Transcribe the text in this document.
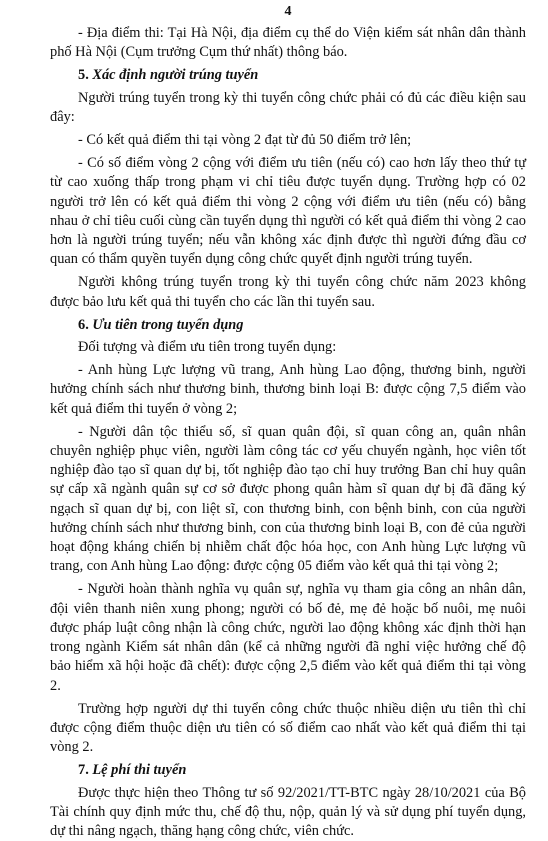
4

- Địa điểm thi: Tại Hà Nội, địa điểm cụ thể do Viện kiểm sát nhân dân thành phố Hà Nội (Cụm trưởng Cụm thứ nhất) thông báo.

5. Xác định người trúng tuyển

Người trúng tuyển trong kỳ thi tuyển công chức phải có đủ các điều kiện sau đây:

- Có kết quả điểm thi tại vòng 2 đạt từ đủ 50 điểm trở lên;

- Có số điểm vòng 2 cộng với điểm ưu tiên (nếu có) cao hơn lấy theo thứ tự từ cao xuống thấp trong phạm vi chỉ tiêu được tuyển dụng. Trường hợp có 02 người trở lên có kết quả điểm thi vòng 2 cộng với điểm ưu tiên (nếu có) bằng nhau ở chỉ tiêu cuối cùng cần tuyển dụng thì người có kết quả điểm thi vòng 2 cao hơn là người trúng tuyển; nếu vẫn không xác định được thì người đứng đầu cơ quan có thẩm quyền tuyển dụng công chức quyết định người trúng tuyển.

Người không trúng tuyển trong kỳ thi tuyển công chức năm 2023 không được bảo lưu kết quả thi tuyển cho các lần thi tuyển sau.

6. Ưu tiên trong tuyển dụng

Đối tượng và điểm ưu tiên trong tuyển dụng:

- Anh hùng Lực lượng vũ trang, Anh hùng Lao động, thương binh, người hưởng chính sách như thương binh, thương binh loại B: được cộng 7,5 điểm vào kết quả điểm thi tuyển ở vòng 2;

- Người dân tộc thiểu số, sĩ quan quân đội, sĩ quan công an, quân nhân chuyên nghiệp phục viên, người làm công tác cơ yếu chuyển ngành, học viên tốt nghiệp đào tạo sĩ quan dự bị, tốt nghiệp đào tạo chỉ huy trưởng Ban chỉ huy quân sự cấp xã ngành quân sự cơ sở được phong quân hàm sĩ quan dự bị đã đăng ký ngạch sĩ quan dự bị, con liệt sĩ, con thương binh, con bệnh binh, con của người hưởng chính sách như thương binh, con của thương binh loại B, con đẻ của người hoạt động kháng chiến bị nhiễm chất độc hóa học, con Anh hùng Lực lượng vũ trang, con Anh hùng Lao động: được cộng 05 điểm vào kết quả thi tại vòng 2;

- Người hoàn thành nghĩa vụ quân sự, nghĩa vụ tham gia công an nhân dân, đội viên thanh niên xung phong; người có bố đẻ, mẹ đẻ hoặc bố nuôi, mẹ nuôi được pháp luật công nhận là công chức, người lao động không xác định thời hạn trong ngành Kiểm sát nhân dân (kể cả những người đã nghỉ việc hưởng chế độ bảo hiểm xã hội hoặc đã chết): được cộng 2,5 điểm vào kết quả điểm thi tại vòng 2.

Trường hợp người dự thi tuyển công chức thuộc nhiều diện ưu tiên thì chỉ được cộng điểm thuộc diện ưu tiên có số điểm cao nhất vào kết quả điểm thi tại vòng 2.

7. Lệ phí thi tuyển

Được thực hiện theo Thông tư số 92/2021/TT-BTC ngày 28/10/2021 của Bộ Tài chính quy định mức thu, chế độ thu, nộp, quản lý và sử dụng phí tuyển dụng, dự thi nâng ngạch, thăng hạng công chức, viên chức.
